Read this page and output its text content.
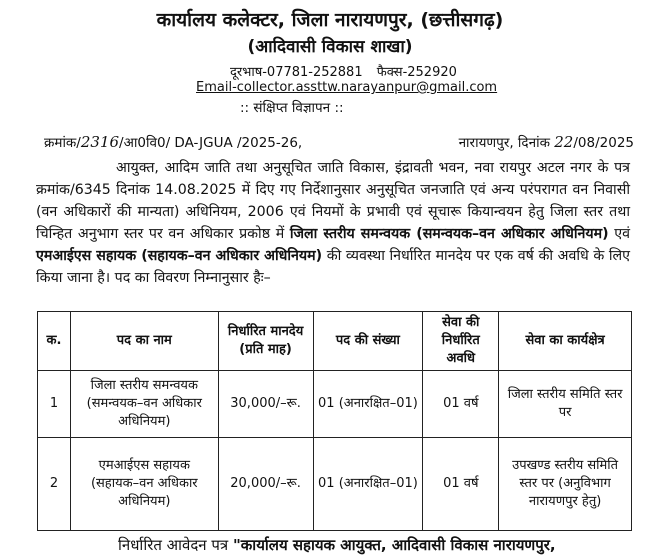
कार्यालय कलेक्टर, जिला नारायणपुर, (छत्तीसगढ़)
(आदिवासी विकास शाखा)
दूरभाष-07781-252881 फैक्स-252920
Email-collector.assttw.narayanpur@gmail.com
:: संक्षिप्त विज्ञापन ::
क्रमांक/2316/आ0वि0/ DA-JGUA /2025-26,	नारायणपुर, दिनांक 22/08/2025
आयुक्त, आदिम जाति तथा अनुसूचित जाति विकास, इंद्रावती भवन, नवा रायपुर अटल नगर के पत्र क्रमांक/6345 दिनांक 14.08.2025 में दिए गए निर्देशानुसार अनुसूचित जनजाति एवं अन्य परंपरागत वन निवासी (वन अधिकारों की मान्यता) अधिनियम, 2006 एवं नियमों के प्रभावी एवं सूचारू कियान्वयन हेतु जिला स्तर तथा चिन्हित अनुभाग स्तर पर वन अधिकार प्रकोष्ठ में जिला स्तरीय समन्वयक (समन्वयक–वन अधिकार अधिनियम) एवं एमआईएस सहायक (सहायक–वन अधिकार अधिनियम) की व्यवस्था निर्धारित मानदेय पर एक वर्ष की अवधि के लिए किया जाना है। पद का विवरण निम्नानुसार हैः–
क.	पद का नाम	निर्धारित मानदेय (प्रति माह)	पद की संख्या	सेवा की निर्धारित अवधि	सेवा का कार्यक्षेत्र
1	जिला स्तरीय समन्वयक (समन्वयक–वन अधिकार अधिनियम)	30,000/–रू.	01 (अनारक्षित–01)	01 वर्ष	जिला स्तरीय समिति स्तर पर
2	एमआईएस सहायक (सहायक–वन अधिकार अधिनियम)	20,000/–रू.	01 (अनारक्षित–01)	01 वर्ष	उपखण्ड स्तरीय समिति स्तर पर (अनुविभाग नारायणपुर हेतु)
निर्धारित आवेदन पत्र "कार्यालय सहायक आयुक्त, आदिवासी विकास नारायणपुर,
